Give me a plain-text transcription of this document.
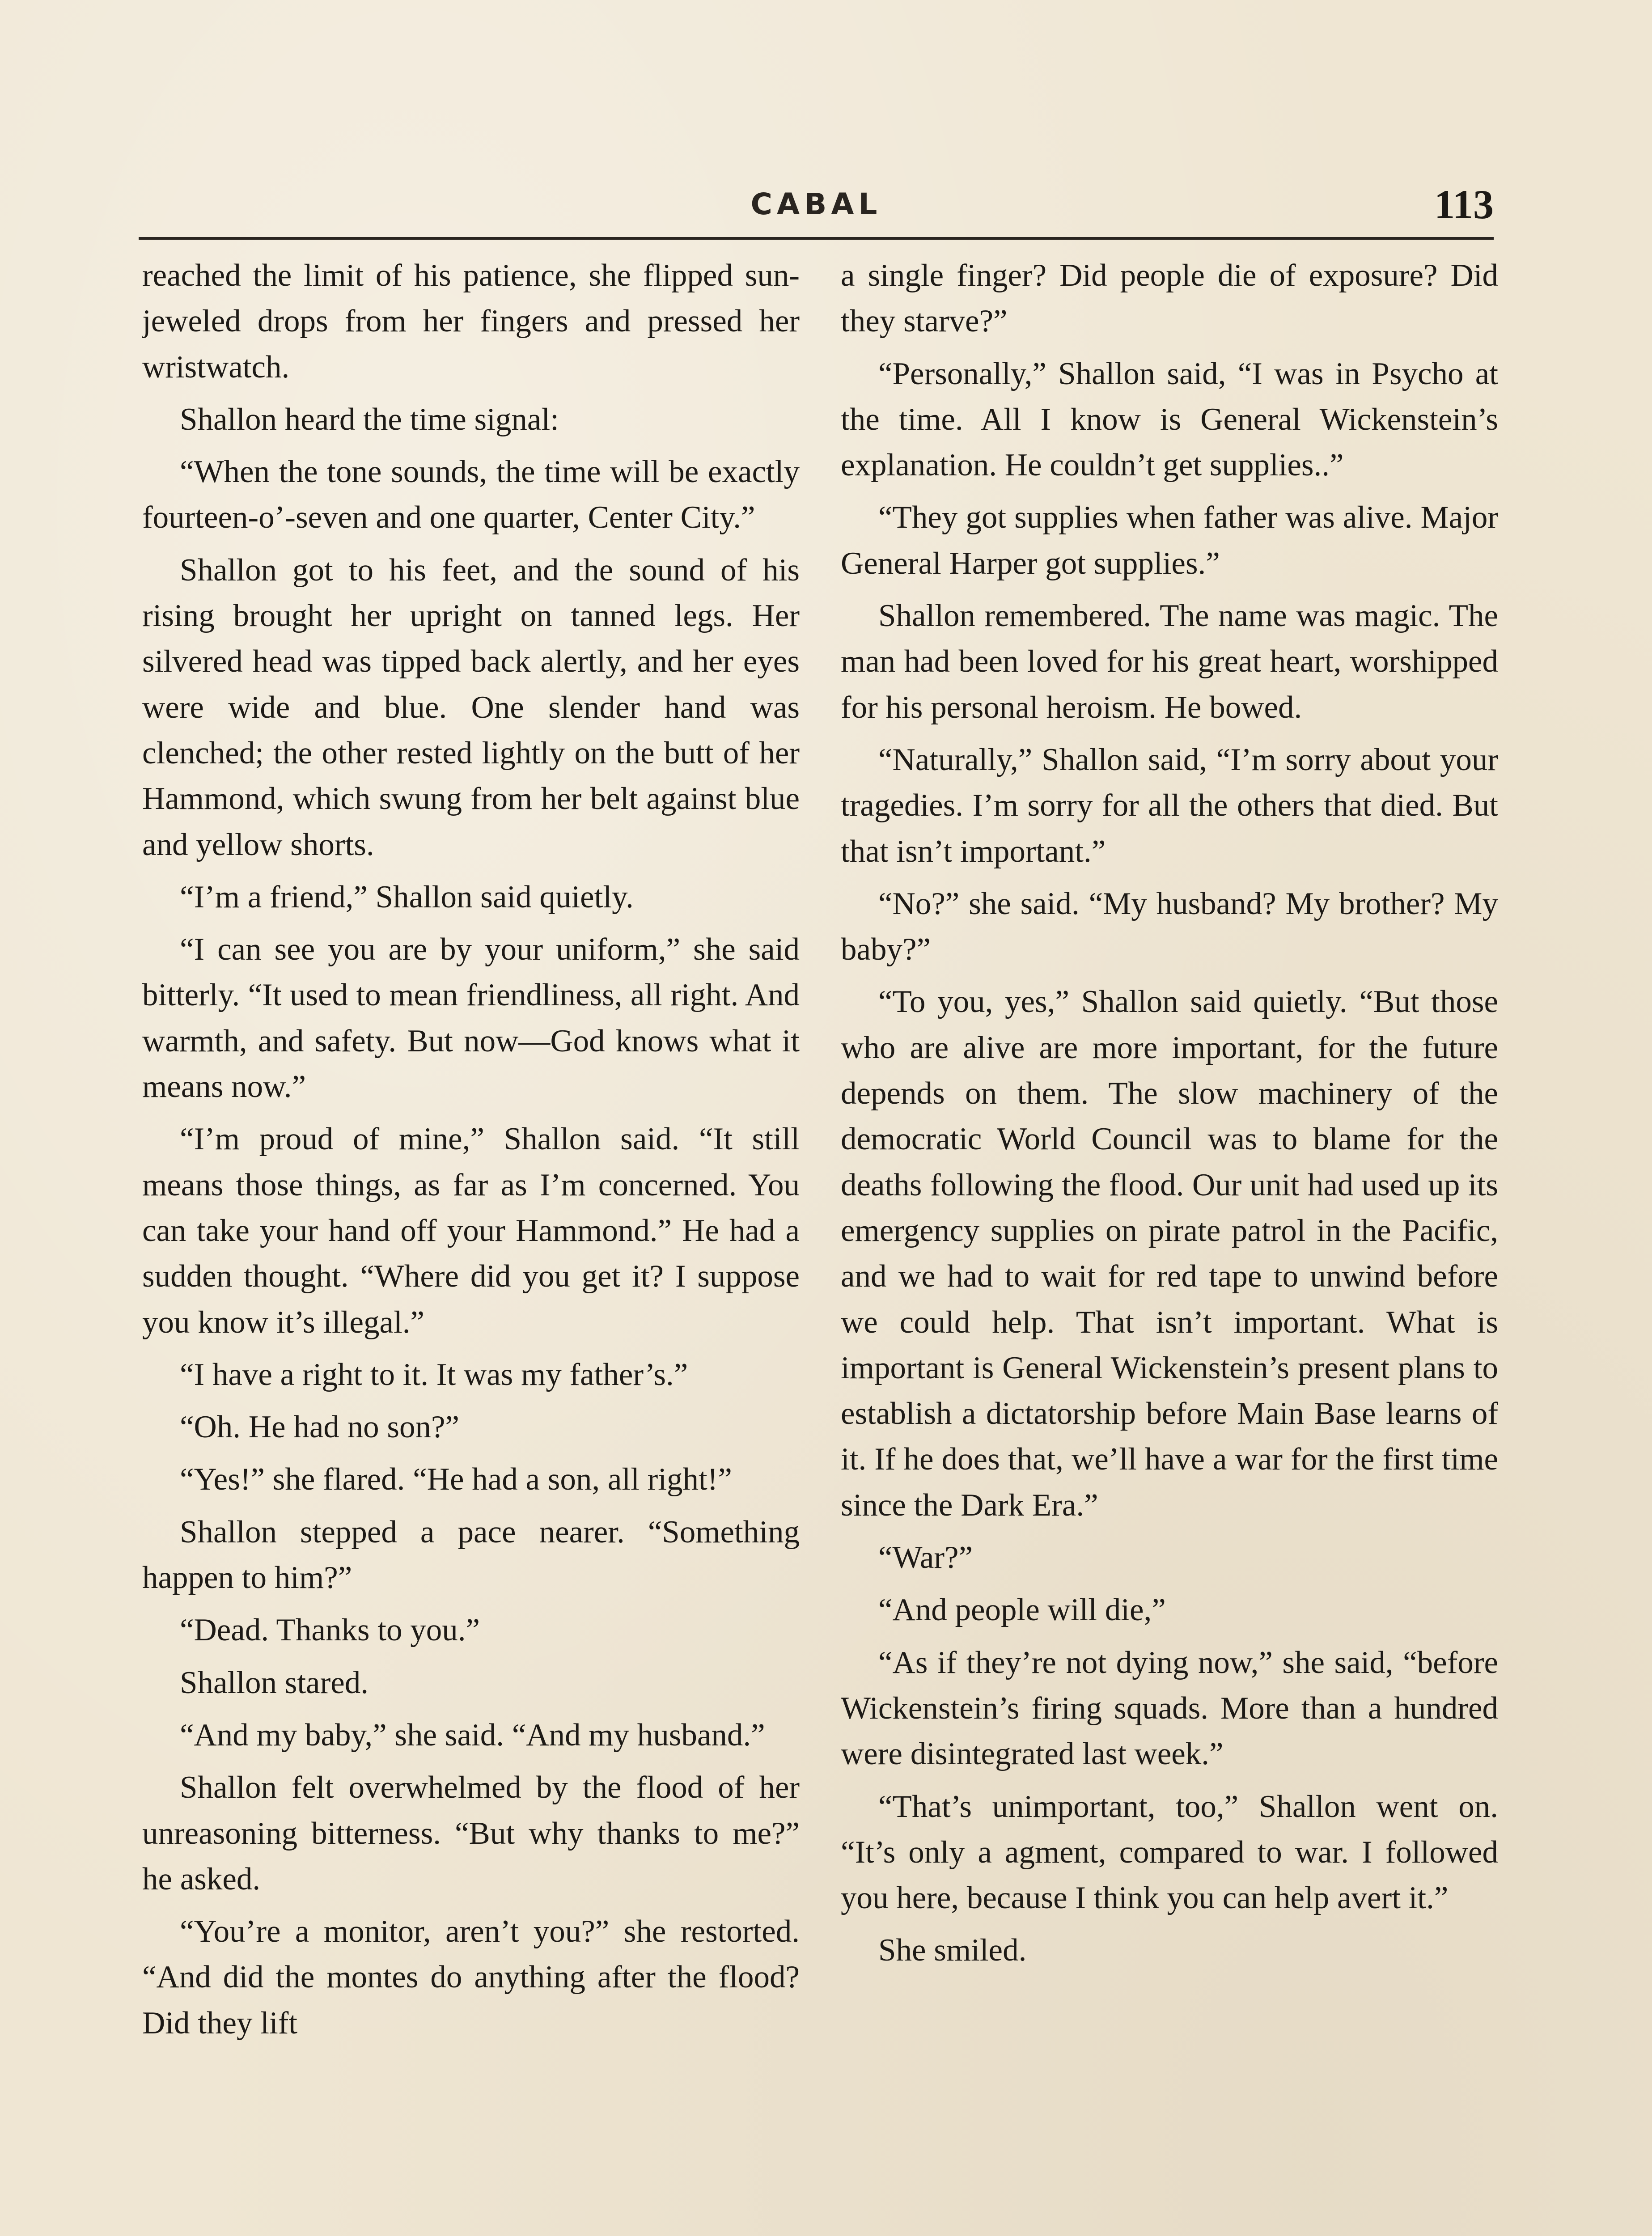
CABAL	113

reached the limit of his patience, she flipped sun-jeweled drops from her fingers and pressed her wristwatch.

Shallon heard the time signal:

“When the tone sounds, the time will be exactly fourteen-o’-seven and one quarter, Center City.”

Shallon got to his feet, and the sound of his rising brought her upright on tanned legs. Her silvered head was tipped back alertly, and her eyes were wide and blue. One slender hand was clenched; the other rested lightly on the butt of her Hammond, which swung from her belt against blue and yellow shorts.

“I’m a friend,” Shallon said quietly.

“I can see you are by your uniform,” she said bitterly. “It used to mean friendliness, all right. And warmth, and safety. But now—God knows what it means now.”

“I’m proud of mine,” Shallon said. “It still means those things, as far as I’m concerned. You can take your hand off your Hammond.” He had a sudden thought. “Where did you get it? I suppose you know it’s illegal.”

“I have a right to it. It was my father’s.”

“Oh. He had no son?”

“Yes!” she flared. “He had a son, all right!”

Shallon stepped a pace nearer. “Something happen to him?”

“Dead. Thanks to you.”

Shallon stared.

“And my baby,” she said. “And my husband.”

Shallon felt overwhelmed by the flood of her unreasoning bitterness. “But why thanks to me?” he asked.

“You’re a monitor, aren’t you?” she restorted. “And did the montes do anything after the flood? Did they lift

a single finger? Did people die of exposure? Did they starve?”

“Personally,” Shallon said, “I was in Psycho at the time. All I know is General Wickenstein’s explanation. He couldn’t get supplies..”

“They got supplies when father was alive. Major General Harper got supplies.”

Shallon remembered. The name was magic. The man had been loved for his great heart, worshipped for his personal heroism. He bowed.

“Naturally,” Shallon said, “I’m sorry about your tragedies. I’m sorry for all the others that died. But that isn’t important.”

“No?” she said. “My husband? My brother? My baby?”

“To you, yes,” Shallon said quietly. “But those who are alive are more important, for the future depends on them. The slow machinery of the democratic World Council was to blame for the deaths following the flood. Our unit had used up its emergency supplies on pirate patrol in the Pacific, and we had to wait for red tape to unwind before we could help. That isn’t important. What is important is General Wickenstein’s present plans to establish a dictatorship before Main Base learns of it. If he does that, we’ll have a war for the first time since the Dark Era.”

“War?”

“And people will die,”

“As if they’re not dying now,” she said, “before Wickenstein’s firing squads. More than a hundred were disintegrated last week.”

“That’s unimportant, too,” Shallon went on. “It’s only a agment, compared to war. I followed you here, because I think you can help avert it.”

She smiled.
